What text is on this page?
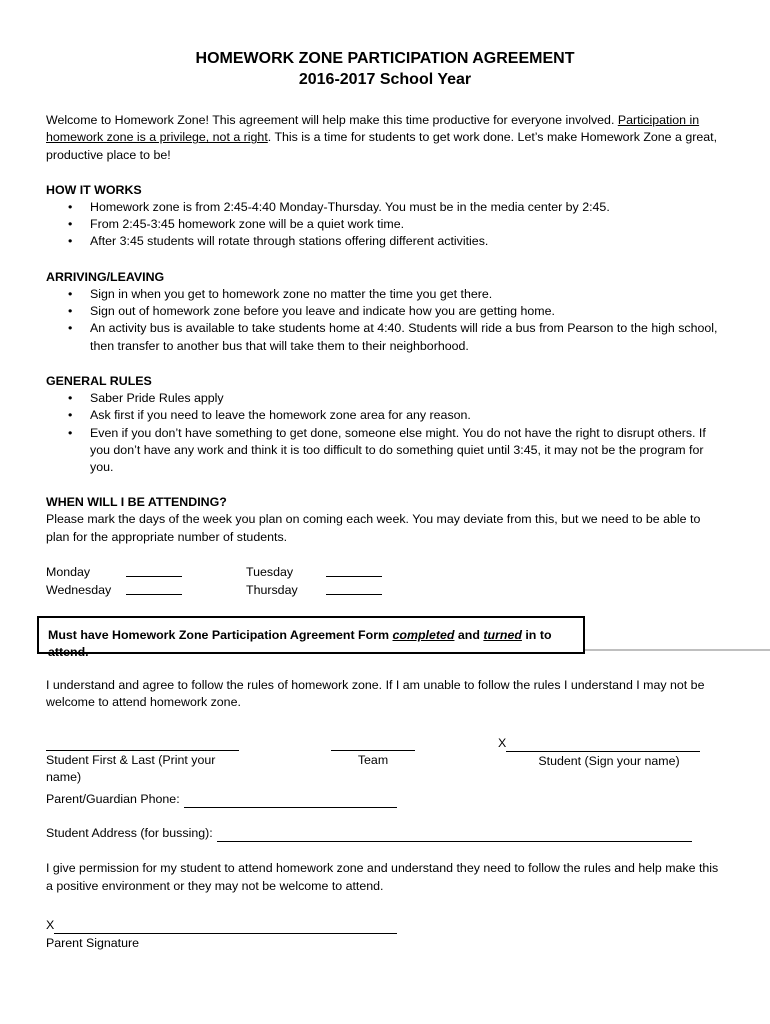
HOMEWORK ZONE PARTICIPATION AGREEMENT
2016-2017 School Year

Welcome to Homework Zone! This agreement will help make this time productive for everyone involved. Participation in homework zone is a privilege, not a right. This is a time for students to get work done. Let’s make Homework Zone a great, productive place to be!

HOW IT WORKS

• Homework zone is from 2:45-4:40 Monday-Thursday. You must be in the media center by 2:45.
• From 2:45-3:45 homework zone will be a quiet work time.
• After 3:45 students will rotate through stations offering different activities.

ARRIVING/LEAVING

• Sign in when you get to homework zone no matter the time you get there.
• Sign out of homework zone before you leave and indicate how you are getting home.
• An activity bus is available to take students home at 4:40. Students will ride a bus from Pearson to the high school, then transfer to another bus that will take them to their neighborhood.

GENERAL RULES

• Saber Pride Rules apply
• Ask first if you need to leave the homework zone area for any reason.
• Even if you don’t have something to get done, someone else might. You do not have the right to disrupt others. If you don’t have any work and think it is too difficult to do something quiet until 3:45, it may not be the program for you.

WHEN WILL I BE ATTENDING?

Please mark the days of the week you plan on coming each week. You may deviate from this, but we need to be able to plan for the appropriate number of students.

Monday	Tuesday
Wednesday	Thursday
Must have Homework Zone Participation Agreement Form completed and turned in to attend.

I understand and agree to follow the rules of homework zone. If I am unable to follow the rules I understand I may not be welcome to attend homework zone.

Student First & Last (Print your name)
Team
X
Student (Sign your name)
Parent/Guardian Phone:
Student Address (for bussing):

I give permission for my student to attend homework zone and understand they need to follow the rules and help make this a positive environment or they may not be welcome to attend.

X
Parent Signature
